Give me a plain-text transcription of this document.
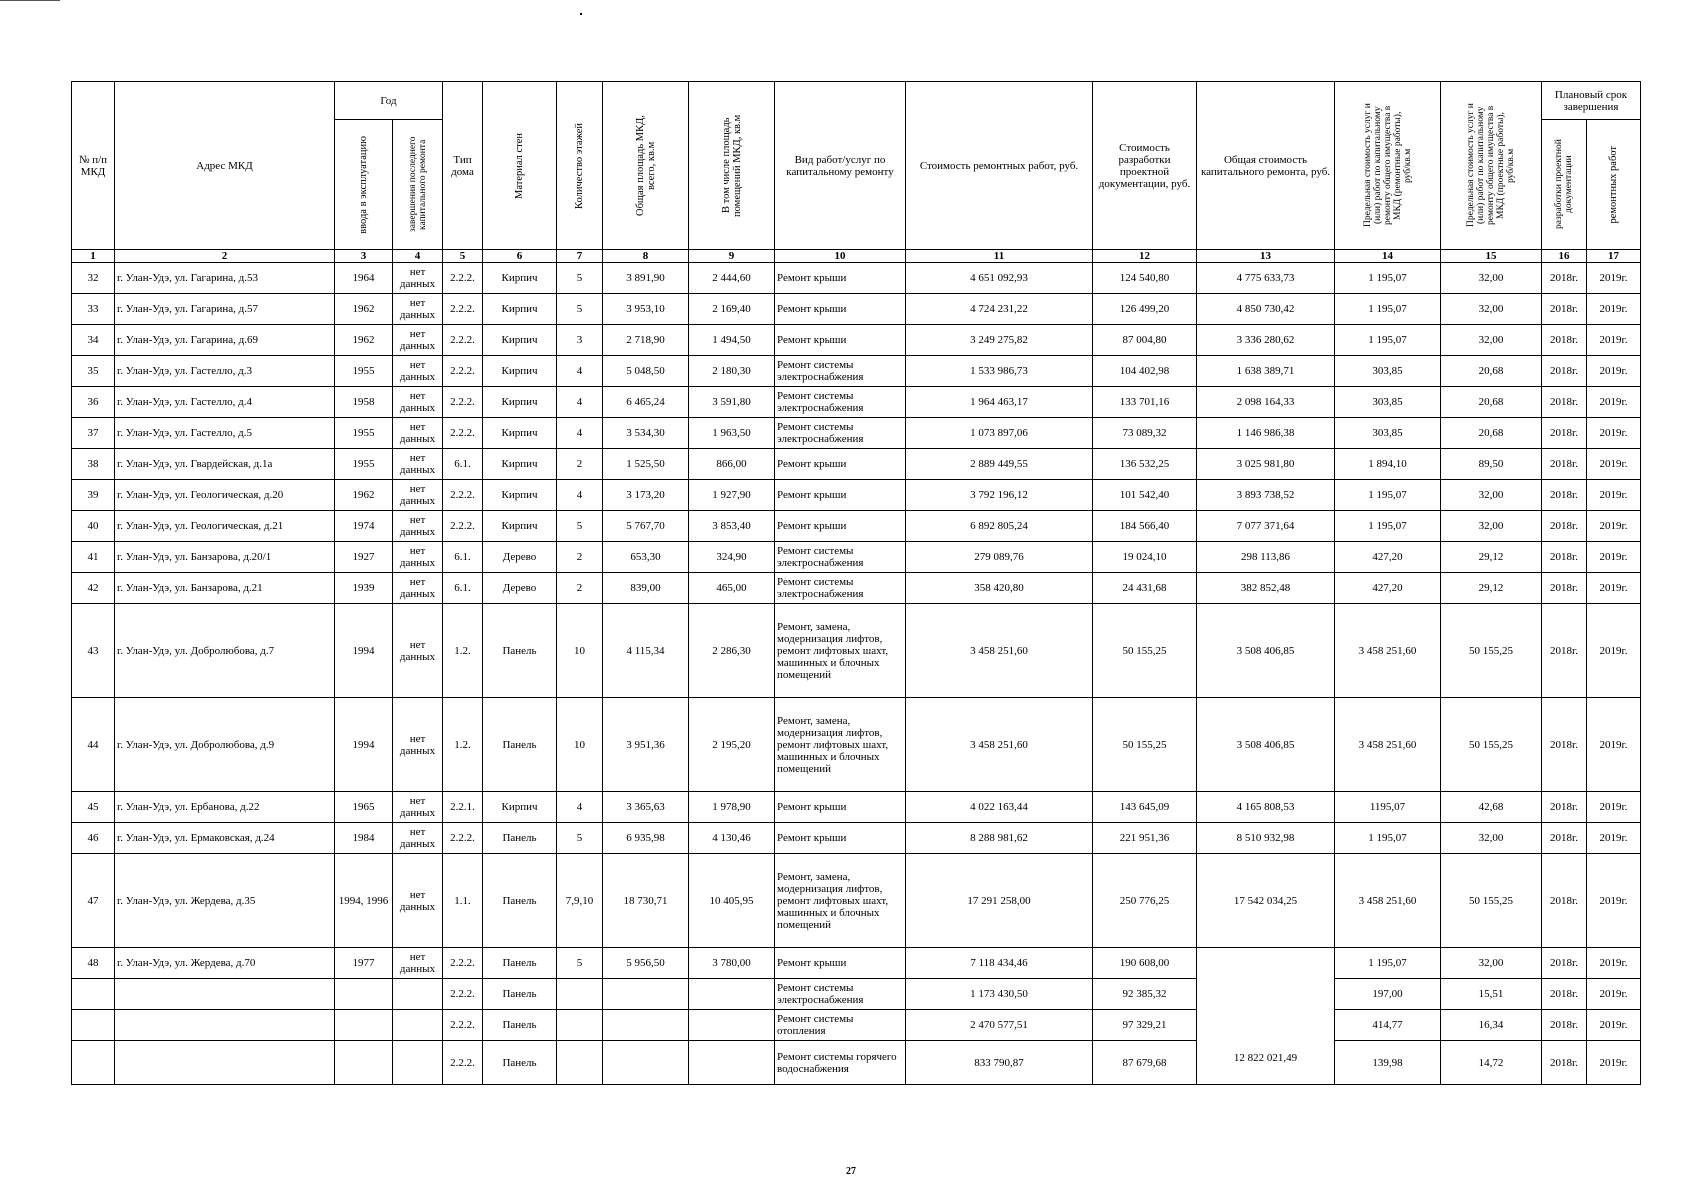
№ п/п МКД	Адрес МКД	Год		Тип дома	Материал стен	Количество этажей	Общая площадь МКД, всего, кв.м	В том числе площадь помещений МКД, кв.м	Вид работ/услуг по капитальному ремонту	Стоимость ремонтных работ, руб.	Стоимость разработки проектной документации, руб.	Общая стоимость капитального ремонта, руб.	Предельная стоимость услуг и (или) работ по капитальному ремонту общего имущества в МКД (ремонтные работы), руб/кв.м	Предельная стоимость услуг и (или) работ по капитальному ремонту общего имущества в МКД (проектные работы), руб/кв.м	Плановый срок завершения	

		ввода в эксплуатацию	завершения последнего капитального ремонта												разработки проектной документации	ремонтных работ

1	2	3	4	5	6	7	8	9	10	11	12	13	14	15	16	17
32	г. Улан-Удэ, ул. Гагарина, д.53	1964	нет данных	2.2.2.	Кирпич	5	3 891,90	2 444,60	Ремонт крыши	4 651 092,93	124 540,80	4 775 633,73	1 195,07	32,00	2018г.	2019г.
33	г. Улан-Удэ, ул. Гагарина, д.57	1962	нет данных	2.2.2.	Кирпич	5	3 953,10	2 169,40	Ремонт крыши	4 724 231,22	126 499,20	4 850 730,42	1 195,07	32,00	2018г.	2019г.
34	г. Улан-Удэ, ул. Гагарина, д.69	1962	нет данных	2.2.2.	Кирпич	3	2 718,90	1 494,50	Ремонт крыши	3 249 275,82	87 004,80	3 336 280,62	1 195,07	32,00	2018г.	2019г.
35	г. Улан-Удэ, ул. Гастелло, д.3	1955	нет данных	2.2.2.	Кирпич	4	5 048,50	2 180,30	Ремонт системы электроснабжения	1 533 986,73	104 402,98	1 638 389,71	303,85	20,68	2018г.	2019г.
36	г. Улан-Удэ, ул. Гастелло, д.4	1958	нет данных	2.2.2.	Кирпич	4	6 465,24	3 591,80	Ремонт системы электроснабжения	1 964 463,17	133 701,16	2 098 164,33	303,85	20,68	2018г.	2019г.
37	г. Улан-Удэ, ул. Гастелло, д.5	1955	нет данных	2.2.2.	Кирпич	4	3 534,30	1 963,50	Ремонт системы электроснабжения	1 073 897,06	73 089,32	1 146 986,38	303,85	20,68	2018г.	2019г.
38	г. Улан-Удэ, ул. Гвардейская, д.1а	1955	нет данных	6.1.	Кирпич	2	1 525,50	866,00	Ремонт крыши	2 889 449,55	136 532,25	3 025 981,80	1 894,10	89,50	2018г.	2019г.
39	г. Улан-Удэ, ул. Геологическая, д.20	1962	нет данных	2.2.2.	Кирпич	4	3 173,20	1 927,90	Ремонт крыши	3 792 196,12	101 542,40	3 893 738,52	1 195,07	32,00	2018г.	2019г.
40	г. Улан-Удэ, ул. Геологическая, д.21	1974	нет данных	2.2.2.	Кирпич	5	5 767,70	3 853,40	Ремонт крыши	6 892 805,24	184 566,40	7 077 371,64	1 195,07	32,00	2018г.	2019г.
41	г. Улан-Удэ, ул. Банзарова, д.20/1	1927	нет данных	6.1.	Дерево	2	653,30	324,90	Ремонт системы электроснабжения	279 089,76	19 024,10	298 113,86	427,20	29,12	2018г.	2019г.
42	г. Улан-Удэ, ул. Банзарова, д.21	1939	нет данных	6.1.	Дерево	2	839,00	465,00	Ремонт системы электроснабжения	358 420,80	24 431,68	382 852,48	427,20	29,12	2018г.	2019г.
43	г. Улан-Удэ, ул. Добролюбова, д.7	1994	нет данных	1.2.	Панель	10	4 115,34	2 286,30	Ремонт, замена, модернизация лифтов, ремонт лифтовых шахт, машинных и блочных помещений	3 458 251,60	50 155,25	3 508 406,85	3 458 251,60	50 155,25	2018г.	2019г.
44	г. Улан-Удэ, ул. Добролюбова, д.9	1994	нет данных	1.2.	Панель	10	3 951,36	2 195,20	Ремонт, замена, модернизация лифтов, ремонт лифтовых шахт, машинных и блочных помещений	3 458 251,60	50 155,25	3 508 406,85	3 458 251,60	50 155,25	2018г.	2019г.
45	г. Улан-Удэ, ул. Ербанова, д.22	1965	нет данных	2.2.1.	Кирпич	4	3 365,63	1 978,90	Ремонт крыши	4 022 163,44	143 645,09	4 165 808,53	1195,07	42,68	2018г.	2019г.
46	г. Улан-Удэ, ул. Ермаковская, д.24	1984	нет данных	2.2.2.	Панель	5	6 935,98	4 130,46	Ремонт крыши	8 288 981,62	221 951,36	8 510 932,98	1 195,07	32,00	2018г.	2019г.
47	г. Улан-Удэ, ул. Жердева, д.35	1994, 1996	нет данных	1.1.	Панель	7,9,10	18 730,71	10 405,95	Ремонт, замена, модернизация лифтов, ремонт лифтовых шахт, машинных и блочных помещений	17 291 258,00	250 776,25	17 542 034,25	3 458 251,60	50 155,25	2018г.	2019г.
48	г. Улан-Удэ, ул. Жердева, д.70	1977	нет данных	2.2.2.	Панель	5	5 956,50	3 780,00	Ремонт крыши	7 118 434,46	190 608,00	12 822 021,49	1 195,07	32,00	2018г.	2019г.
				2.2.2.	Панель				Ремонт системы электроснабжения	1 173 430,50	92 385,32		197,00	15,51	2018г.	2019г.
				2.2.2.	Панель				Ремонт системы отопления	2 470 577,51	97 329,21		414,77	16,34	2018г.	2019г.
				2.2.2.	Панель				Ремонт системы горячего водоснабжения	833 790,87	87 679,68		139,98	14,72	2018г.	2019г.
27
